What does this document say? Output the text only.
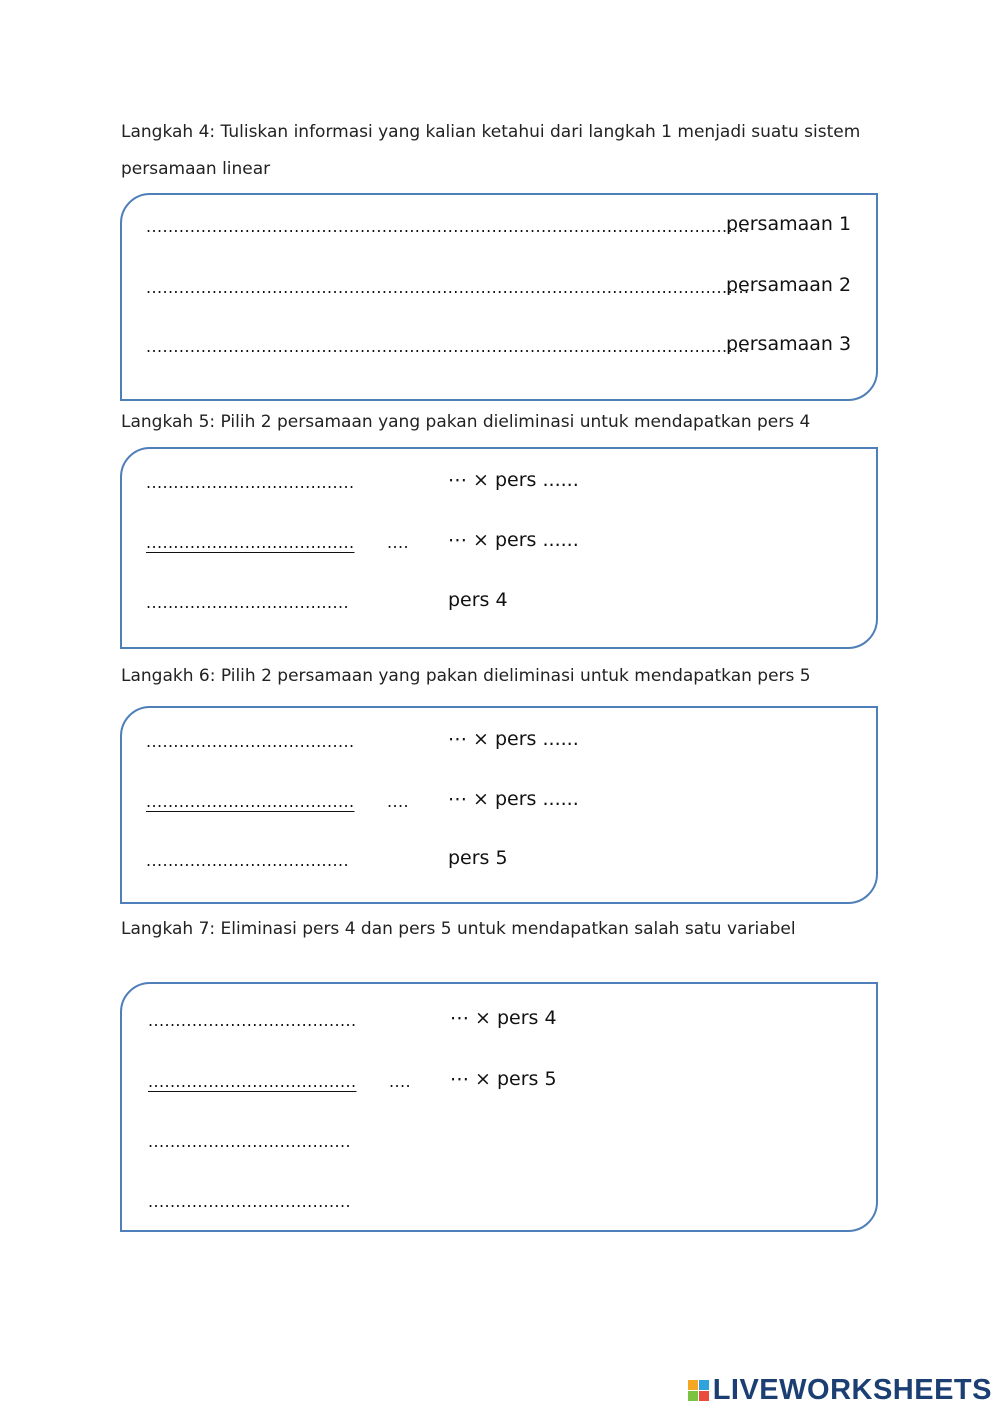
Langkah 4: Tuliskan informasi yang kalian ketahui dari langkah 1 menjadi suatu sistem
persamaan linear
..............................................................................................................
persamaan 1
..............................................................................................................
persamaan 2
..............................................................................................................
persamaan 3
Langkah 5: Pilih 2 persamaan yang pakan dieliminasi untuk mendapatkan pers 4
......................................	⋯ × pers ......
...................................... .... ⋯ × pers ......
.....................................	pers 4
Langakh 6: Pilih 2 persamaan yang pakan dieliminasi untuk mendapatkan pers 5
......................................	⋯ × pers ......
...................................... .... ⋯ × pers ......
.....................................	pers 5
Langkah 7: Eliminasi pers 4 dan pers 5 untuk mendapatkan salah satu variabel
......................................	⋯ × pers 4
...................................... .... ⋯ × pers 5
.....................................
.....................................
LIVEWORKSHEETS
